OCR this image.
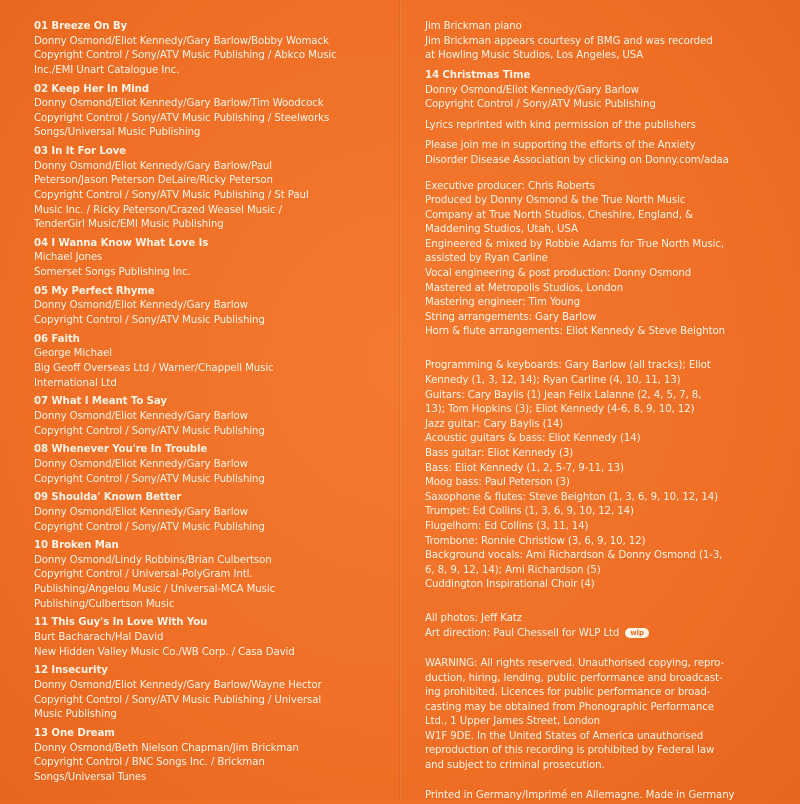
01 Breeze On By
Donny Osmond/Eliot Kennedy/Gary Barlow/Bobby Womack
Copyright Control / Sony/ATV Music Publishing / Abkco Music
Inc./EMI Unart Catalogue Inc.
02 Keep Her In Mind
Donny Osmond/Eliot Kennedy/Gary Barlow/Tim Woodcock
Copyright Control / Sony/ATV Music Publishing / Steelworks
Songs/Universal Music Publishing
03 In It For Love
Donny Osmond/Eliot Kennedy/Gary Barlow/Paul
Peterson/Jason Peterson DeLaire/Ricky Peterson
Copyright Control / Sony/ATV Music Publishing / St Paul
Music Inc. / Ricky Peterson/Crazed Weasel Music /
TenderGirl Music/EMI Music Publishing
04 I Wanna Know What Love Is
Michael Jones
Somerset Songs Publishing Inc.
05 My Perfect Rhyme
Donny Osmond/Eliot Kennedy/Gary Barlow
Copyright Control / Sony/ATV Music Publishing
06 Faith
George Michael
Big Geoff Overseas Ltd / Warner/Chappell Music
International Ltd
07 What I Meant To Say
Donny Osmond/Eliot Kennedy/Gary Barlow
Copyright Control / Sony/ATV Music Publishing
08 Whenever You're In Trouble
Donny Osmond/Eliot Kennedy/Gary Barlow
Copyright Control / Sony/ATV Music Publishing
09 Shoulda' Known Better
Donny Osmond/Eliot Kennedy/Gary Barlow
Copyright Control / Sony/ATV Music Publishing
10 Broken Man
Donny Osmond/Lindy Robbins/Brian Culbertson
Copyright Control / Universal-PolyGram Intl.
Publishing/Angelou Music / Universal-MCA Music
Publishing/Culbertson Music
11 This Guy's In Love With You
Burt Bacharach/Hal David
New Hidden Valley Music Co./WB Corp. / Casa David
12 Insecurity
Donny Osmond/Eliot Kennedy/Gary Barlow/Wayne Hector
Copyright Control / Sony/ATV Music Publishing / Universal
Music Publishing
13 One Dream
Donny Osmond/Beth Nielson Chapman/Jim Brickman
Copyright Control / BNC Songs Inc. / Brickman
Songs/Universal Tunes
Jim Brickman piano
Jim Brickman appears courtesy of BMG and was recorded
at Howling Music Studios, Los Angeles, USA
14 Christmas Time
Donny Osmond/Eliot Kennedy/Gary Barlow
Copyright Control / Sony/ATV Music Publishing
Lyrics reprinted with kind permission of the publishers
Please join me in supporting the efforts of the Anxiety
Disorder Disease Association by clicking on Donny.com/adaa
Executive producer: Chris Roberts
Produced by Donny Osmond & the True North Music
Company at True North Studios, Cheshire, England, &
Maddening Studios, Utah, USA
Engineered & mixed by Robbie Adams for True North Music,
assisted by Ryan Carline
Vocal engineering & post production: Donny Osmond
Mastered at Metropolis Studios, London
Mastering engineer: Tim Young
String arrangements: Gary Barlow
Horn & flute arrangements: Eliot Kennedy & Steve Beighton
Programming & keyboards: Gary Barlow (all tracks); Eliot
Kennedy (1, 3, 12, 14); Ryan Carline (4, 10, 11, 13)
Guitars: Cary Baylis (1) Jean Felix Lalanne (2, 4, 5, 7, 8,
13); Tom Hopkins (3); Eliot Kennedy (4-6, 8, 9, 10, 12)
Jazz guitar: Cary Baylis (14)
Acoustic guitars & bass: Eliot Kennedy (14)
Bass guitar: Eliot Kennedy (3)
Bass: Eliot Kennedy (1, 2, 5-7, 9-11, 13)
Moog bass: Paul Peterson (3)
Saxophone & flutes: Steve Beighton (1, 3, 6, 9, 10, 12, 14)
Trumpet: Ed Collins (1, 3, 6, 9, 10, 12, 14)
Flugelhorn: Ed Collins (3, 11, 14)
Trombone: Ronnie Christlow (3, 6, 9, 10, 12)
Background vocals: Ami Richardson & Donny Osmond (1-3,
6, 8, 9, 12, 14); Ami Richardson (5)
Cuddington Inspirational Choir (4)
All photos: Jeff Katz
Art direction: Paul Chessell for WLP Ltd wlp
WARNING: All rights reserved. Unauthorised copying, repro-
duction, hiring, lending, public performance and broadcast-
ing prohibited. Licences for public performance or broad-
casting may be obtained from Phonographic Performance
Ltd., 1 Upper James Street, London
W1F 9DE. In the United States of America unauthorised
reproduction of this recording is prohibited by Federal law
and subject to criminal prosecution.
Printed in Germany/Imprimé en Allemagne. Made in Germany
